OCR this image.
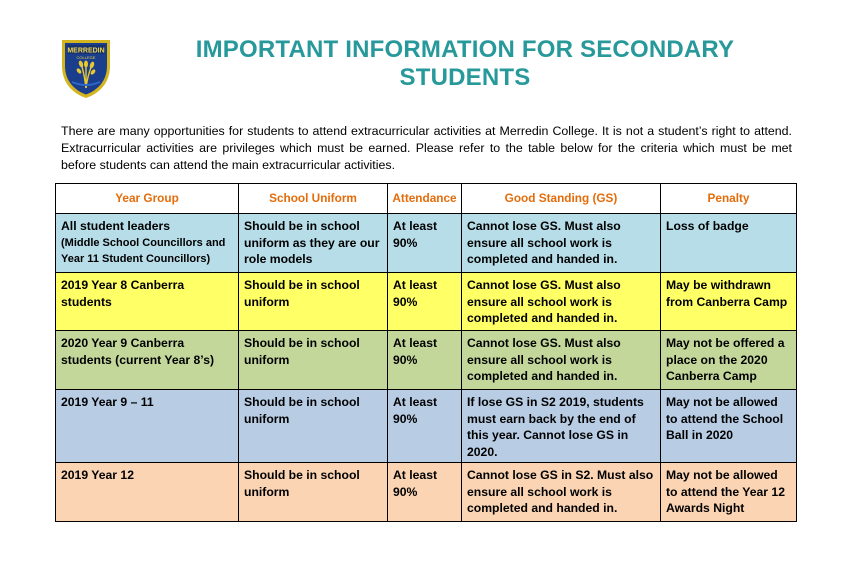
MERREDIN
COLLEGE	IMPORTANT INFORMATION FOR SECONDARY
STUDENTS

There are many opportunities for students to attend extracurricular activities at Merredin College. It is not a student’s right to attend. Extracurricular activities are privileges which must be earned. Please refer to the table below for the criteria which must be met before students can attend the main extracurricular activities.

Year Group	School Uniform	Attendance	Good Standing (GS)	Penalty
All student leaders
(Middle School Councillors and Year 11 Student Councillors)	Should be in school uniform as they are our role models	At least 90%	Cannot lose GS. Must also ensure all school work is completed and handed in.	Loss of badge
2019 Year 8 Canberra students	Should be in school uniform	At least 90%	Cannot lose GS. Must also ensure all school work is completed and handed in.	May be withdrawn from Canberra Camp
2020 Year 9 Canberra students (current Year 8’s)	Should be in school uniform	At least 90%	Cannot lose GS. Must also ensure all school work is completed and handed in.	May not be offered a place on the 2020 Canberra Camp
2019 Year 9 – 11	Should be in school uniform	At least 90%	If lose GS in S2 2019, students must earn back by the end of this year. Cannot lose GS in 2020.	May not be allowed to attend the School Ball in 2020
2019 Year 12	Should be in school uniform	At least 90%	Cannot lose GS in S2. Must also ensure all school work is completed and handed in.	May not be allowed to attend the Year 12 Awards Night
